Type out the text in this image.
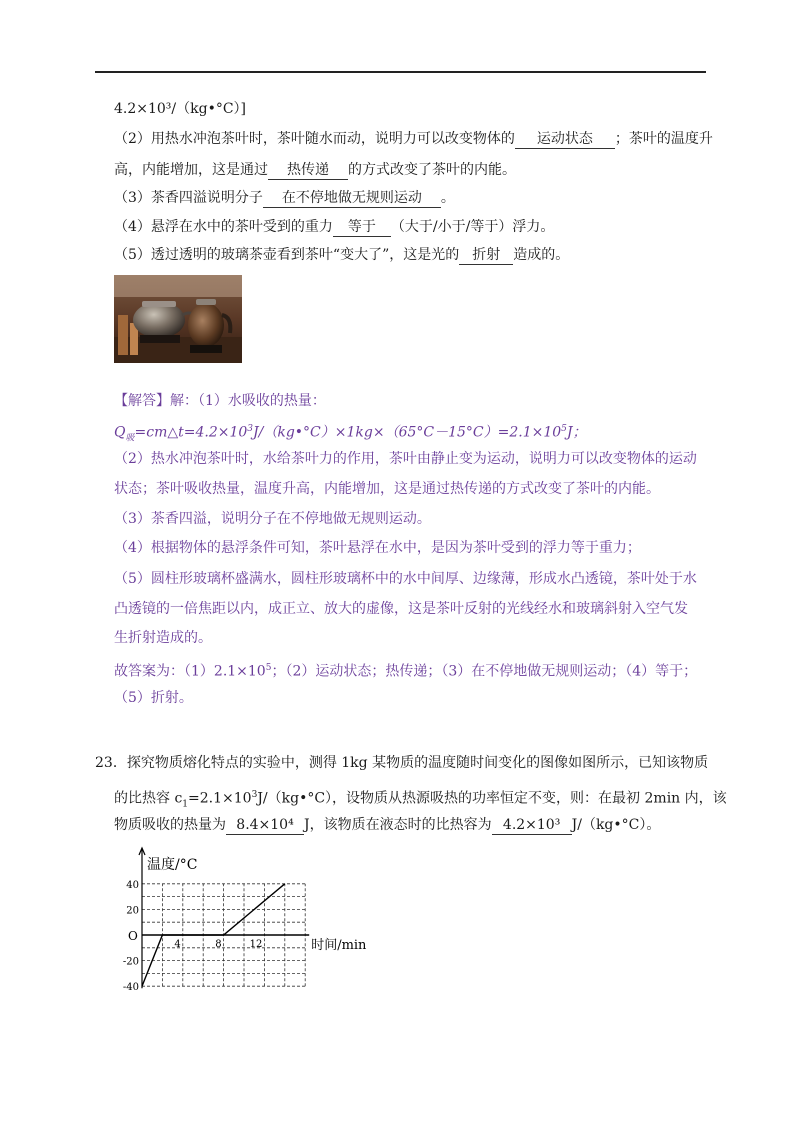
4.2×10³/（kg•°C）]
（2）用热水冲泡茶叶时，茶叶随水而动，说明力可以改变物体的 运动状态 ；茶叶的温度升
高，内能增加，这是通过 热传递 的方式改变了茶叶的内能。
（3）茶香四溢说明分子 在不停地做无规则运动 。
（4）悬浮在水中的茶叶受到的重力 等于 （大于/小于/等于）浮力。
（5）透过透明的玻璃茶壶看到茶叶“变大了”，这是光的 折射 造成的。
【解答】解：（1）水吸收的热量：
$Q_吸=cm\triangle t=4.2\times 10^3J/(kg•^\circ C)\times 1kg\times(65^\circ C-15^\circ C)=2.1\times 10^5J$；
（2）热水冲泡茶叶时，水给茶叶力的作用，茶叶由静止变为运动，说明力可以改变物体的运动
状态；茶叶吸收热量，温度升高，内能增加，这是通过热传递的方式改变了茶叶的内能。
（3）茶香四溢，说明分子在不停地做无规则运动。
（4）根据物体的悬浮条件可知，茶叶悬浮在水中，是因为茶叶受到的浮力等于重力；
（5）圆柱形玻璃杯盛满水，圆柱形玻璃杯中的水中间厚、边缘薄，形成水凸透镜，茶叶处于水
凸透镜的一倍焦距以内，成正立、放大的虚像，这是茶叶反射的光线经水和玻璃斜射入空气发
生折射造成的。
故答案为：$(1)2.1\times 10^5$；（2）运动状态；热传递；（3）在不停地做无规则运动；（4）等于；
（5）折射。
23．探究物质熔化特点的实验中，测得 1kg 某物质的温度随时间变化的图像如图所示，已知该物质
的比热容 $c_1=2.1\times 10^3J/(kg•^\circ C)$，设物质从热源吸热的功率恒定不变，则：在最初 2min 内，该
物质吸收的热量为 8.4×10⁴ J，该物质在液态时的比热容为 4.2×10³ J/（kg•°C）。
温度/°C
时间/min
O
40
20
-20
-40
4	8	12
